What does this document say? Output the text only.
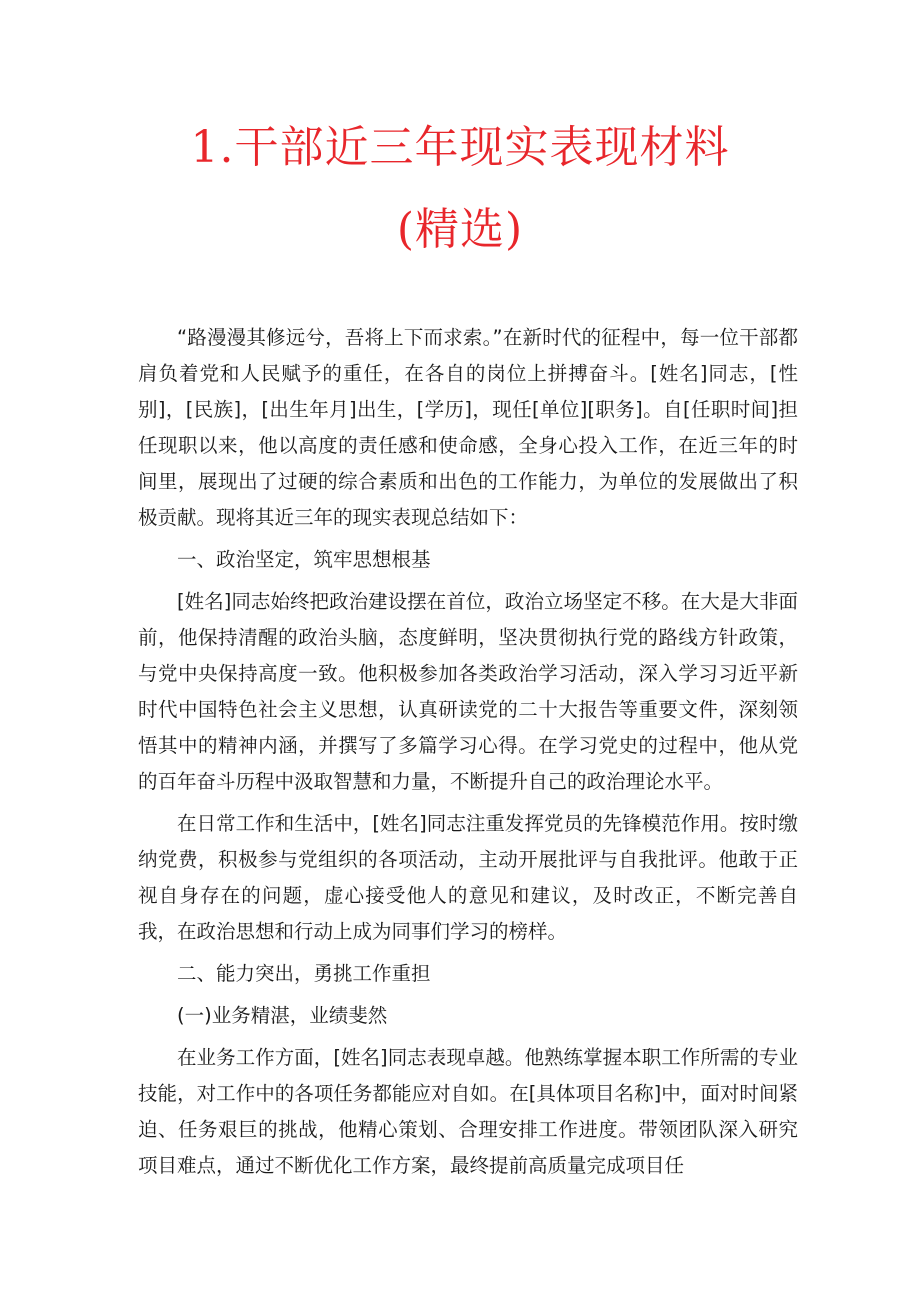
1.干部近三年现实表现材料
(精选)

“路漫漫其修远兮，吾将上下而求索。”在新时代的征程中，每一位干部都肩负着党和人民赋予的重任，在各自的岗位上拼搏奋斗。[姓名]同志，[性别]，[民族]，[出生年月]出生，[学历]，现任[单位][职务]。自[任职时间]担任现职以来，他以高度的责任感和使命感，全身心投入工作，在近三年的时间里，展现出了过硬的综合素质和出色的工作能力，为单位的发展做出了积极贡献。现将其近三年的现实表现总结如下：

一、政治坚定，筑牢思想根基

[姓名]同志始终把政治建设摆在首位，政治立场坚定不移。在大是大非面前，他保持清醒的政治头脑，态度鲜明，坚决贯彻执行党的路线方针政策，与党中央保持高度一致。他积极参加各类政治学习活动，深入学习习近平新时代中国特色社会主义思想，认真研读党的二十大报告等重要文件，深刻领悟其中的精神内涵，并撰写了多篇学习心得。在学习党史的过程中，他从党的百年奋斗历程中汲取智慧和力量，不断提升自己的政治理论水平。

在日常工作和生活中，[姓名]同志注重发挥党员的先锋模范作用。按时缴纳党费，积极参与党组织的各项活动，主动开展批评与自我批评。他敢于正视自身存在的问题，虚心接受他人的意见和建议，及时改正，不断完善自我，在政治思想和行动上成为同事们学习的榜样。

二、能力突出，勇挑工作重担

(一)业务精湛，业绩斐然

在业务工作方面，[姓名]同志表现卓越。他熟练掌握本职工作所需的专业技能，对工作中的各项任务都能应对自如。在[具体项目名称]中，面对时间紧迫、任务艰巨的挑战，他精心策划、合理安排工作进度。带领团队深入研究项目难点，通过不断优化工作方案，最终提前高质量完成项目任
